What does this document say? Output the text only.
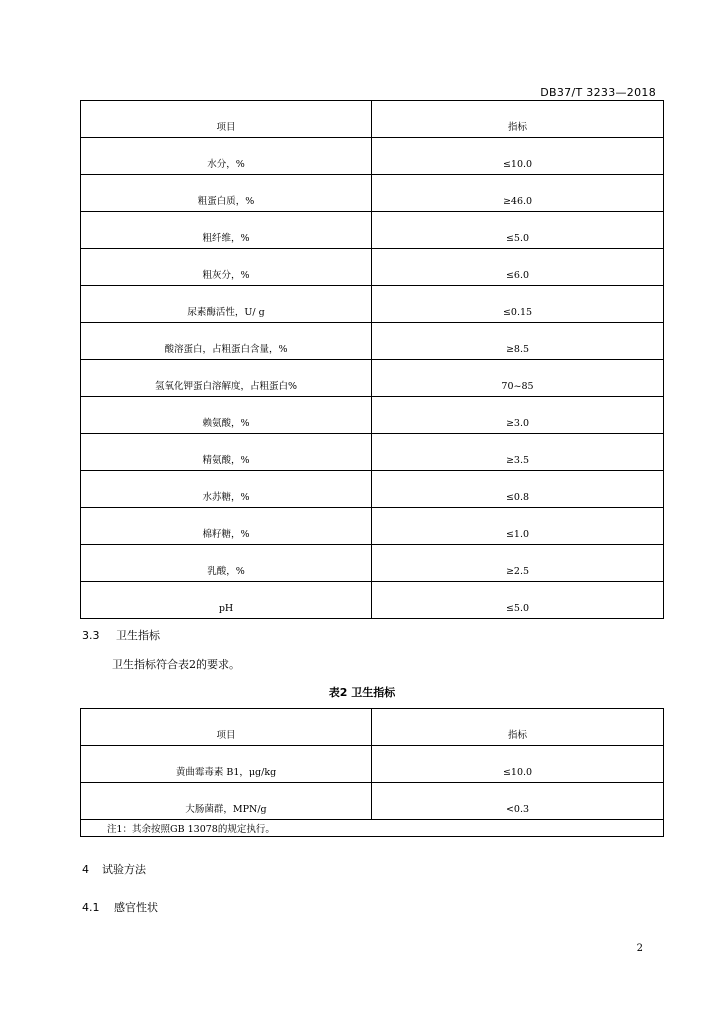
DB37/T 3233—2018
项目	指标
水分，%	≤10.0
粗蛋白质，%	≥46.0
粗纤维，%	≤5.0
粗灰分，%	≤6.0
尿素酶活性，U/ g	≤0.15
酸溶蛋白，占粗蛋白含量，%	≥8.5
氢氧化钾蛋白溶解度，占粗蛋白%	70~85
赖氨酸，%	≥3.0
精氨酸，%	≥3.5
水苏糖，%	≤0.8
棉籽糖，%	≤1.0
乳酸，%	≥2.5
pH	≤5.0
3.3 卫生指标
卫生指标符合表2的要求。
表2 卫生指标
项目	指标
黄曲霉毒素 B1，μg/kg	≤10.0
大肠菌群，MPN/g	<0.3
注1：其余按照GB 13078的规定执行。	
4 试验方法
4.1 感官性状
2
